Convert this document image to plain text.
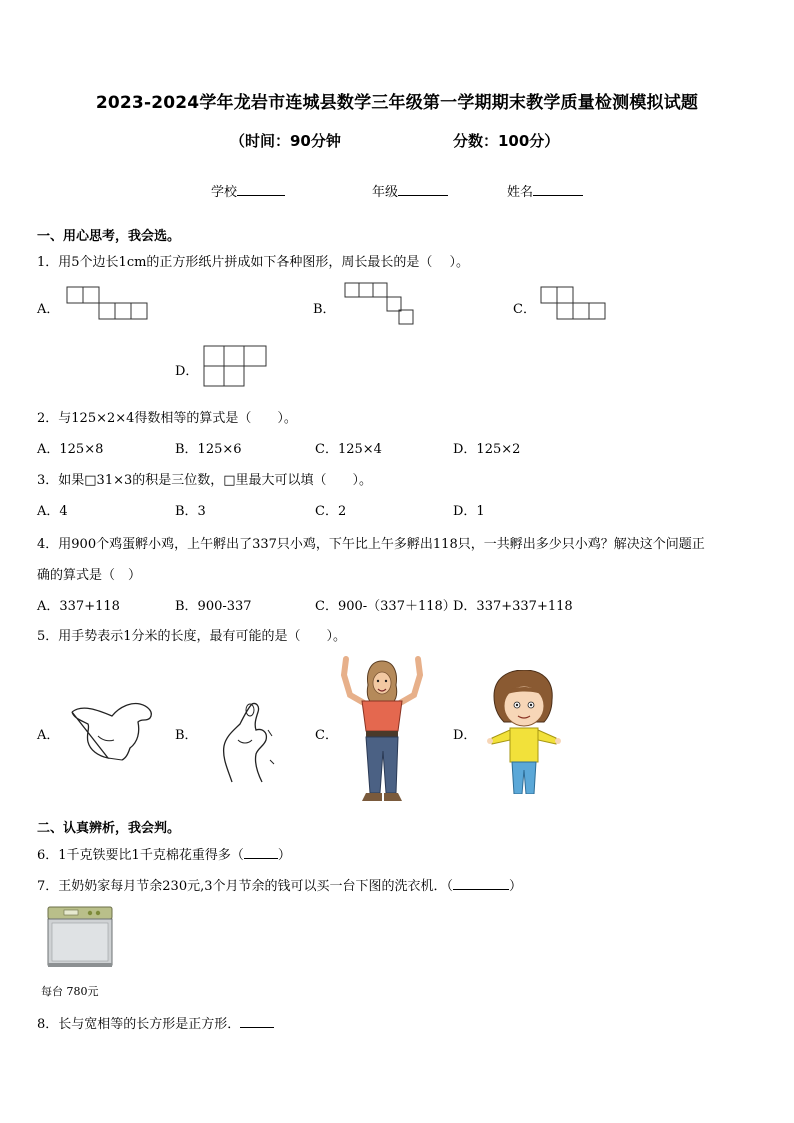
2023-2024学年龙岩市连城县数学三年级第一学期期末教学质量检测模拟试题
（时间：90分钟	分数：100分）
学校	年级	姓名
一、用心思考，我会选。
1．用5个边长1cm的正方形纸片拼成如下各种图形，周长最长的是（　 ）。
A．	B．	C．
D．
2．与125×2×4得数相等的算式是（　　）。
A．125×8	B．125×6	C．125×4	D．125×2
3．如果□31×3的积是三位数，□里最大可以填（　　）。
A．4	B．3	C．2	D．1
4．用900个鸡蛋孵小鸡，上午孵出了337只小鸡，下午比上午多孵出118只，一共孵出多少只小鸡？解决这个问题正
确的算式是（　）
A．337+118	B．900-337	C．900-（337＋118）
D．337+337+118
5．用手势表示1分米的长度，最有可能的是（　　）。
A．	B．	C．	D．
二、认真辨析，我会判。
6．1千克铁要比1千克棉花重得多（	）
7．王奶奶家每月节余230元,3个月节余的钱可以买一台下图的洗衣机．（	）
每台 780元
8．长与宽相等的长方形是正方形．
